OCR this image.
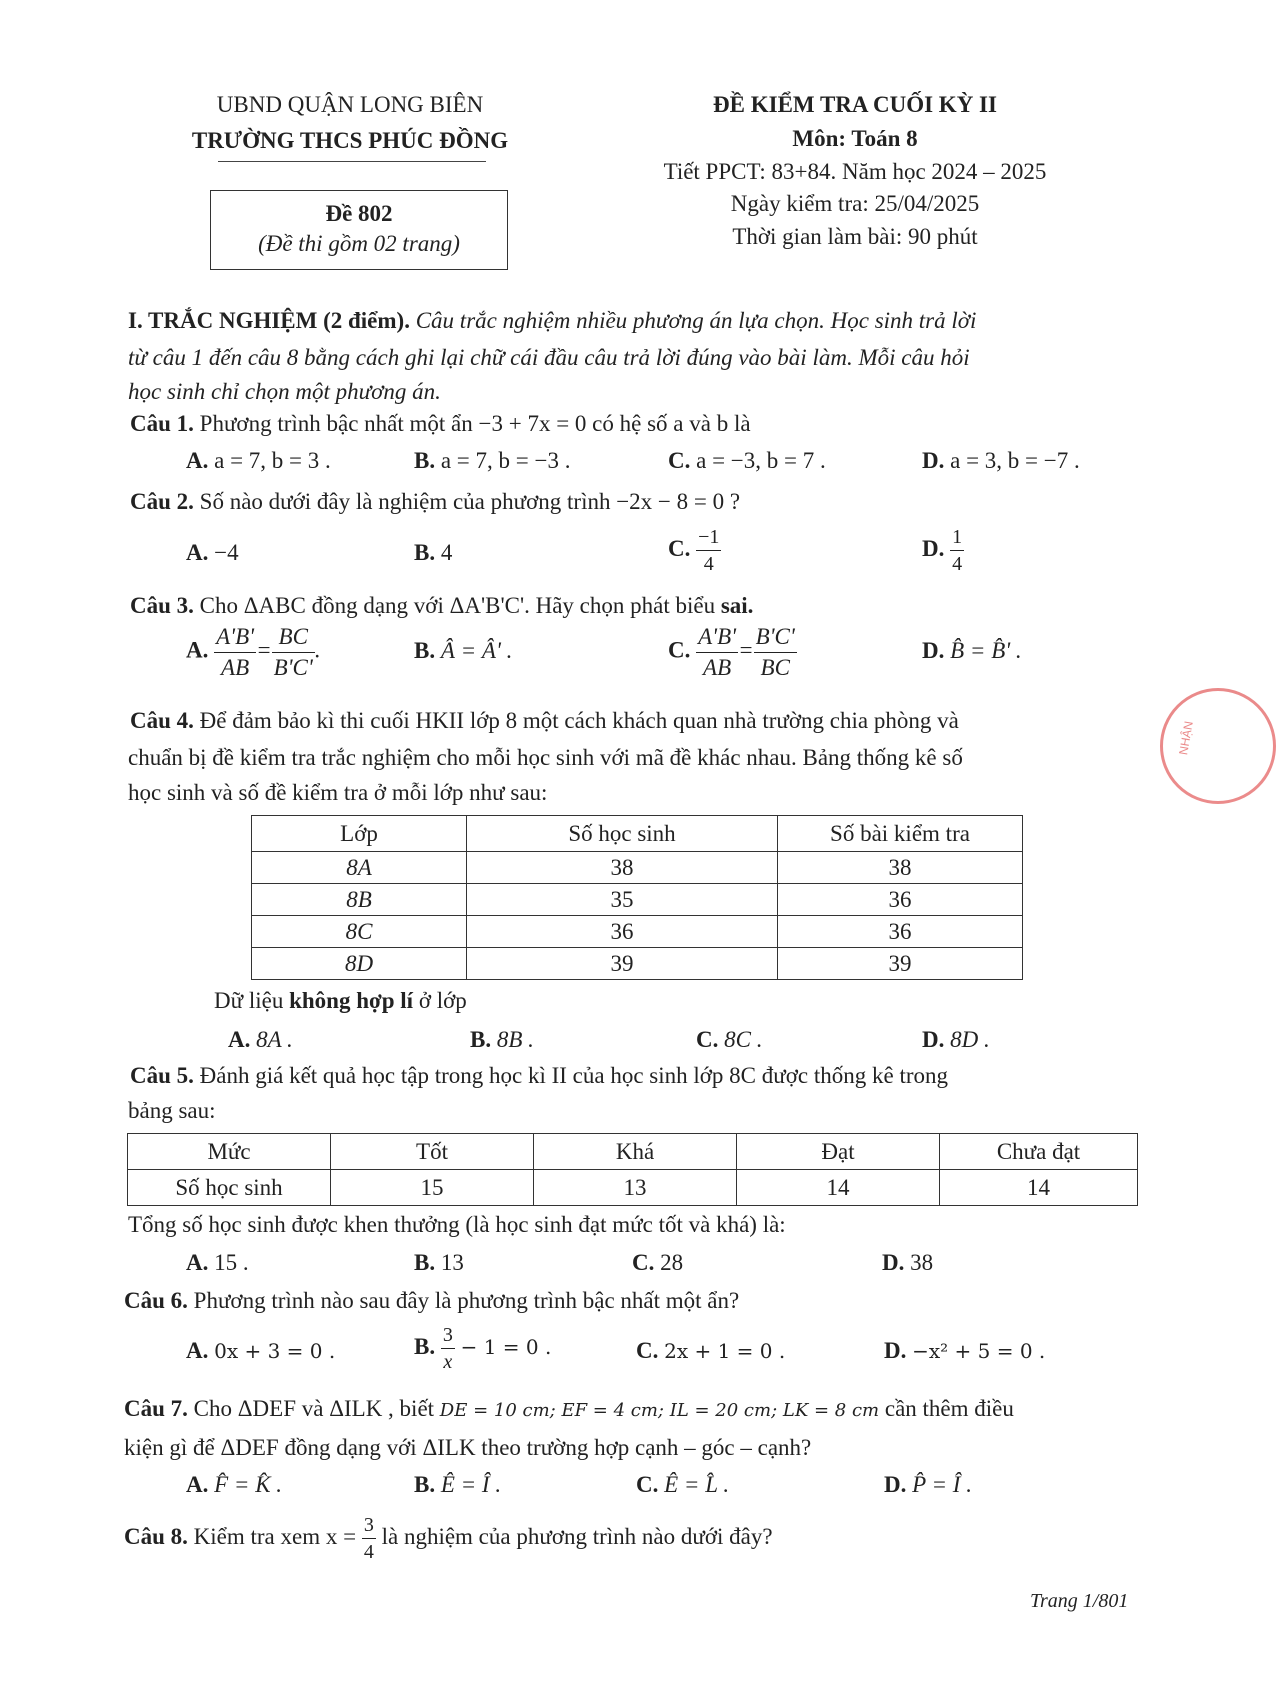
UBND QUẬN LONG BIÊN
TRƯỜNG THCS PHÚC ĐỒNG
Đề 802
(Đề thi gồm 02 trang)
ĐỀ KIỂM TRA CUỐI KỲ II
Môn: Toán 8
Tiết PPCT: 83+84. Năm học 2024 – 2025
Ngày kiểm tra: 25/04/2025
Thời gian làm bài: 90 phút
I. TRẮC NGHIỆM (2 điểm). Câu trắc nghiệm nhiều phương án lựa chọn. Học sinh trả lời
từ câu 1 đến câu 8 bằng cách ghi lại chữ cái đầu câu trả lời đúng vào bài làm. Mỗi câu hỏi
học sinh chỉ chọn một phương án.
Câu 1. Phương trình bậc nhất một ẩn −3 + 7x = 0 có hệ số a và b là
A. a = 7, b = 3 .	B. a = 7, b = −3 .	C. a = −3, b = 7 .	D. a = 3, b = −7 .
Câu 2. Số nào dưới đây là nghiệm của phương trình −2x − 8 = 0 ?
A. −4	B. 4	C. $\frac{-1}{4}$	D. $\frac{1}{4}$
Câu 3. Cho ΔABC đồng dạng với ΔA'B'C'. Hãy chọn phát biểu sai.
A. $\frac{A'B'}{AB} = \frac{BC}{B'C'}$ .	B. Â = Â' .	C. $\frac{A'B'}{AB} = \frac{B'C'}{BC}$	D. B̂ = B̂' .
Câu 4. Để đảm bảo kì thi cuối HKII lớp 8 một cách khách quan nhà trường chia phòng và
chuẩn bị đề kiểm tra trắc nghiệm cho mỗi học sinh với mã đề khác nhau. Bảng thống kê số
học sinh và số đề kiểm tra ở mỗi lớp như sau:
Lớp	Số học sinh	Số bài kiểm tra
8A	38	38
8B	35	36
8C	36	36
8D	39	39
Dữ liệu không hợp lí ở lớp
A. 8A .	B. 8B .	C. 8C .	D. 8D .
Câu 5. Đánh giá kết quả học tập trong học kì II của học sinh lớp 8C được thống kê trong
bảng sau:
Mức	Tốt	Khá	Đạt	Chưa đạt
Số học sinh	15	13	14	14
Tổng số học sinh được khen thưởng (là học sinh đạt mức tốt và khá) là:
A. 15 .	B. 13	C. 28	D. 38
Câu 6. Phương trình nào sau đây là phương trình bậc nhất một ẩn?
A. 0x + 3 = 0 .	B. $\frac{3}{x} - 1 = 0$ .	C. 2x + 1 = 0 .	D. −x² + 5 = 0 .
Câu 7. Cho ΔDEF và ΔILK , biết DE = 10 cm; EF = 4 cm; IL = 20 cm; LK = 8 cm cần thêm điều
kiện gì để ΔDEF đồng dạng với ΔILK theo trường hợp cạnh – góc – cạnh?
A. F̂ = K̂ .	B. Ê = Î .	C. Ê = L̂ .	D. P̂ = Î .
Câu 8. Kiểm tra xem $x = \frac{3}{4}$ là nghiệm của phương trình nào dưới đây?
Trang 1/801
NHẬN
